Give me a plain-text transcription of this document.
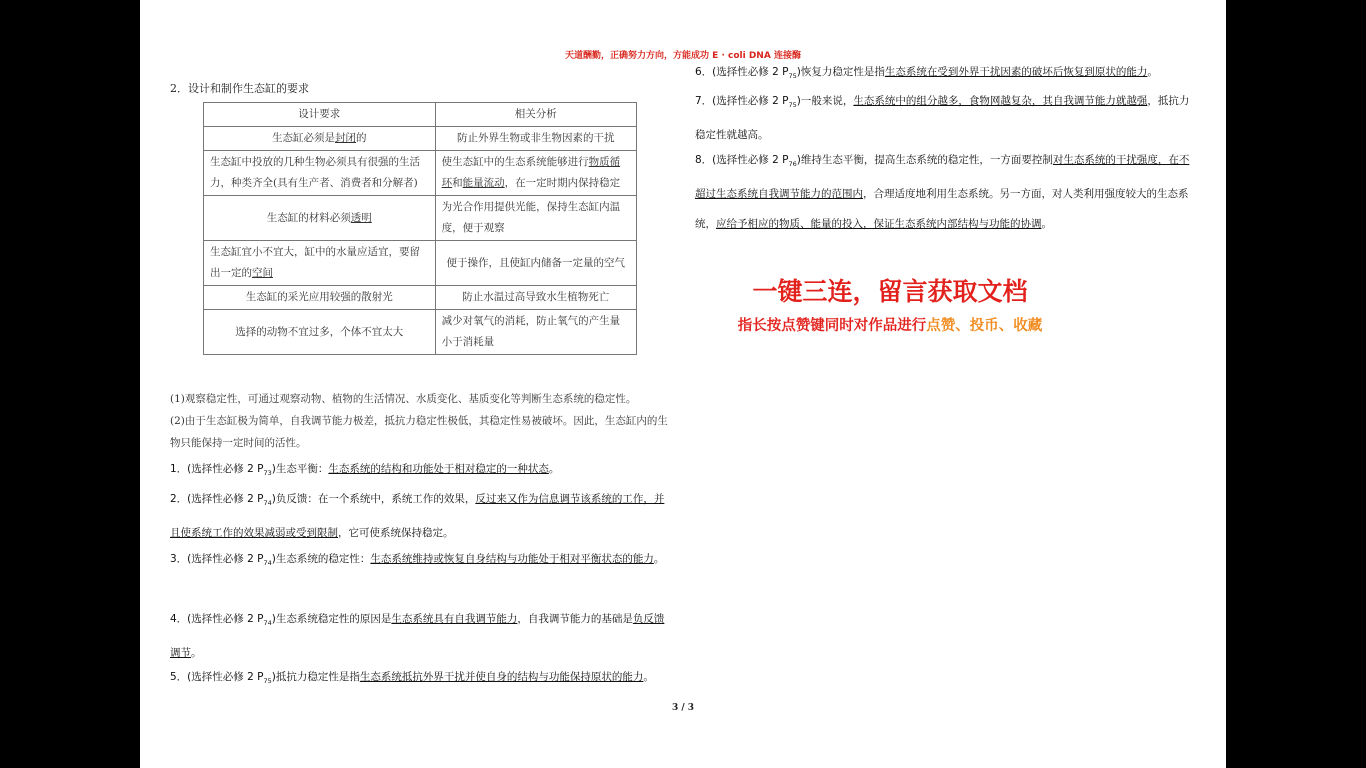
天道酬勤，正确努力方向，方能成功 E · coli DNA 连接酶
2．设计和制作生态缸的要求
设计要求	相关分析
生态缸必须是封闭的	防止外界生物或非生物因素的干扰
生态缸中投放的几种生物必须具有很强的生活力，种类齐全(具有生产者、消费者和分解者)	使生态缸中的生态系统能够进行物质循环和能量流动，在一定时期内保持稳定
生态缸的材料必须透明	为光合作用提供光能，保持生态缸内温度，便于观察
生态缸宜小不宜大，缸中的水量应适宜，要留出一定的空间	便于操作，且使缸内储备一定量的空气
生态缸的采光应用较强的散射光	防止水温过高导致水生植物死亡
选择的动物不宜过多，个体不宜太大	减少对氧气的消耗，防止氧气的产生量小于消耗量
(1)观察稳定性，可通过观察动物、植物的生活情况、水质变化、基质变化等判断生态系统的稳定性。
(2)由于生态缸极为简单，自我调节能力极差，抵抗力稳定性极低，其稳定性易被破坏。因此，生态缸内的生物只能保持一定时间的活性。
1．(选择性必修 2 $P_{73}$)生态平衡：生态系统的结构和功能处于相对稳定的一种状态。
2．(选择性必修 2 $P_{74}$)负反馈：在一个系统中，系统工作的效果，反过来又作为信息调节该系统的工作，并且使系统工作的效果减弱或受到限制，它可使系统保持稳定。
3．(选择性必修 2 $P_{74}$)生态系统的稳定性：生态系统维持或恢复自身结构与功能处于相对平衡状态的能力。
4．(选择性必修 2 $P_{74}$)生态系统稳定性的原因是生态系统具有自我调节能力，自我调节能力的基础是负反馈调节。
5．(选择性必修 2 $P_{75}$)抵抗力稳定性是指生态系统抵抗外界干扰并使自身的结构与功能保持原状的能力。
6．(选择性必修 2 $P_{75}$)恢复力稳定性是指生态系统在受到外界干扰因素的破坏后恢复到原状的能力。
7．(选择性必修 2 $P_{75}$)一般来说，生态系统中的组分越多，食物网越复杂，其自我调节能力就越强，抵抗力稳定性就越高。
8．(选择性必修 2 $P_{76}$)维持生态平衡，提高生态系统的稳定性，一方面要控制对生态系统的干扰强度，在不超过生态系统自我调节能力的范围内，合理适度地利用生态系统。另一方面，对人类利用强度较大的生态系统，应给予相应的物质、能量的投入，保证生态系统内部结构与功能的协调。
一键三连，留言获取文档
指长按点赞键同时对作品进行点赞、投币、收藏
3 / 3
